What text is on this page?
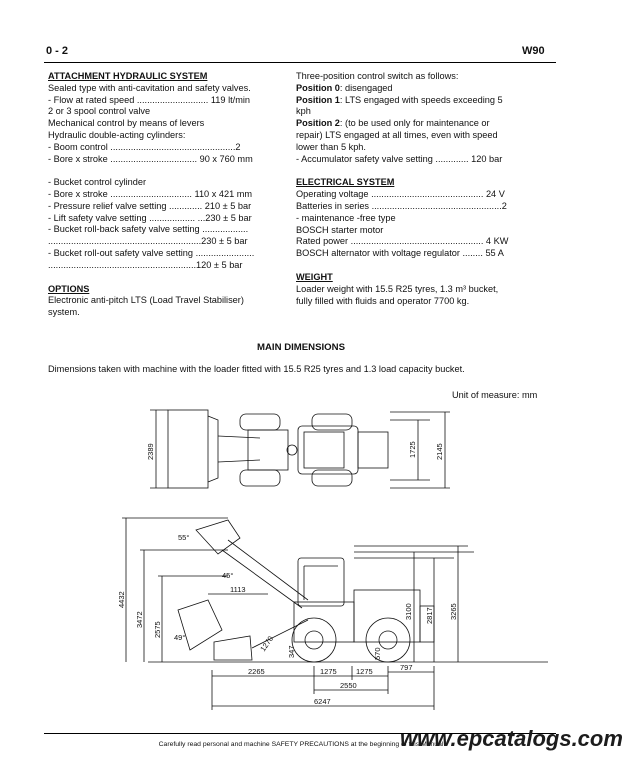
0 - 2	W90
ATTACHMENT HYDRAULIC SYSTEM
Sealed type with anti-cavitation and safety valves.
- Flow at rated speed ............................ 119 lt/min
2 or 3 spool control valve
Mechanical control by means of levers
Hydraulic double-acting cylinders:
- Boom control .................................................2
- Bore x stroke .................................. 90 x 760 mm
- Bucket control cylinder
- Bore x stroke ................................ 110 x 421 mm
- Pressure relief valve setting ............. 210 ± 5 bar
- Lift safety valve setting .................. ...230 ± 5 bar
- Bucket roll-back safety valve setting ..................
............................................................230 ± 5 bar
- Bucket roll-out safety valve setting .......................
..........................................................120 ± 5 bar
OPTIONS
Electronic anti-pitch LTS (Load Travel Stabiliser)
system.
Three-position control switch as follows:
Position 0: disengaged
Position 1: LTS engaged with speeds exceeding 5
kph
Position 2: (to be used only for maintenance or
repair) LTS engaged at all times, even with speed
lower than 5 kph.
- Accumulator safety valve setting ............. 120 bar
ELECTRICAL SYSTEM
Operating voltage ............................................ 24 V
Batteries in series ...................................................2
- maintenance -free type
BOSCH starter motor
Rated power .................................................... 4 KW
BOSCH alternator with voltage regulator ........ 55 A
WEIGHT
Loader weight with 15.5 R25 tyres, 1.3 m³ bucket,
fully filled with fluids and operator 7700 kg.
MAIN DIMENSIONS
Dimensions taken with machine with the loader fitted with 15.5 R25 tyres and 1.3 load capacity bucket.
Unit of measure: mm
2389	1725 2145
4432
3472
2575
55°
45°
1113
49°	1270 347	570
2817
3100	3265
2265	1275	1275	797
2550
6247
Carefully read personal and machine SAFETY PRECAUTIONS at the beginning of this Manual
www.epcatalogs.com
